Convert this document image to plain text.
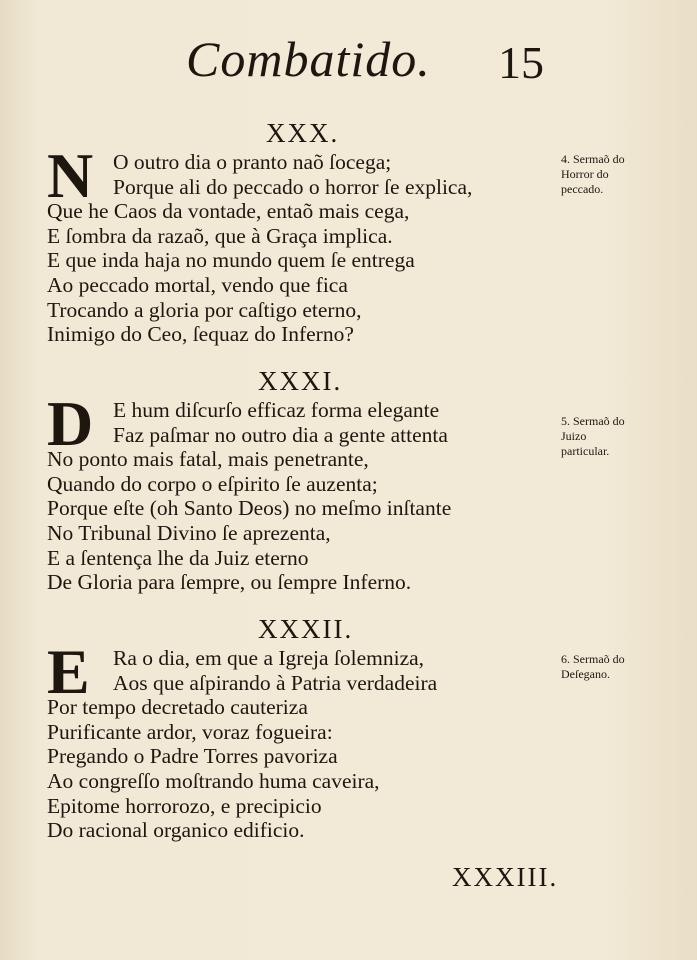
Combatido. 15
XXX.
N O outro dia o pranto naõ ſocega;
Porque ali do peccado o horror ſe explica,
Que he Caos da vontade, entaõ mais cega,
E ſombra da razaõ, que à Graça implica.
E que inda haja no mundo quem ſe entrega
Ao peccado mortal, vendo que fica
Trocando a gloria por caſtigo eterno,
Inimigo do Ceo, ſequaz do Inferno?
4. Sermaõ do Horror do peccado.
XXXI.
D E hum diſcurſo efficaz forma elegante
Faz paſmar no outro dia a gente attenta
No ponto mais fatal, mais penetrante,
Quando do corpo o eſpirito ſe auzenta;
Porque eſte (oh Santo Deos) no meſmo inſtante
No Tribunal Divino ſe aprezenta,
E a ſentença lhe da Juiz eterno
De Gloria para ſempre, ou ſempre Inferno.
5. Sermaõ do Juizo particular.
XXXII.
E	Ra o dia, em que a Igreja ſolemniza,
Aos que aſpirando à Patria verdadeira
Por tempo decretado cauteriza
Purificante ardor, voraz fogueira:
Pregando o Padre Torres pavoriza
Ao congreſſo moſtrando huma caveira,
Epitome horrorozo, e precipicio
Do racional organico edificio.
6. Sermaõ do Deſegano.
XXXIII.
